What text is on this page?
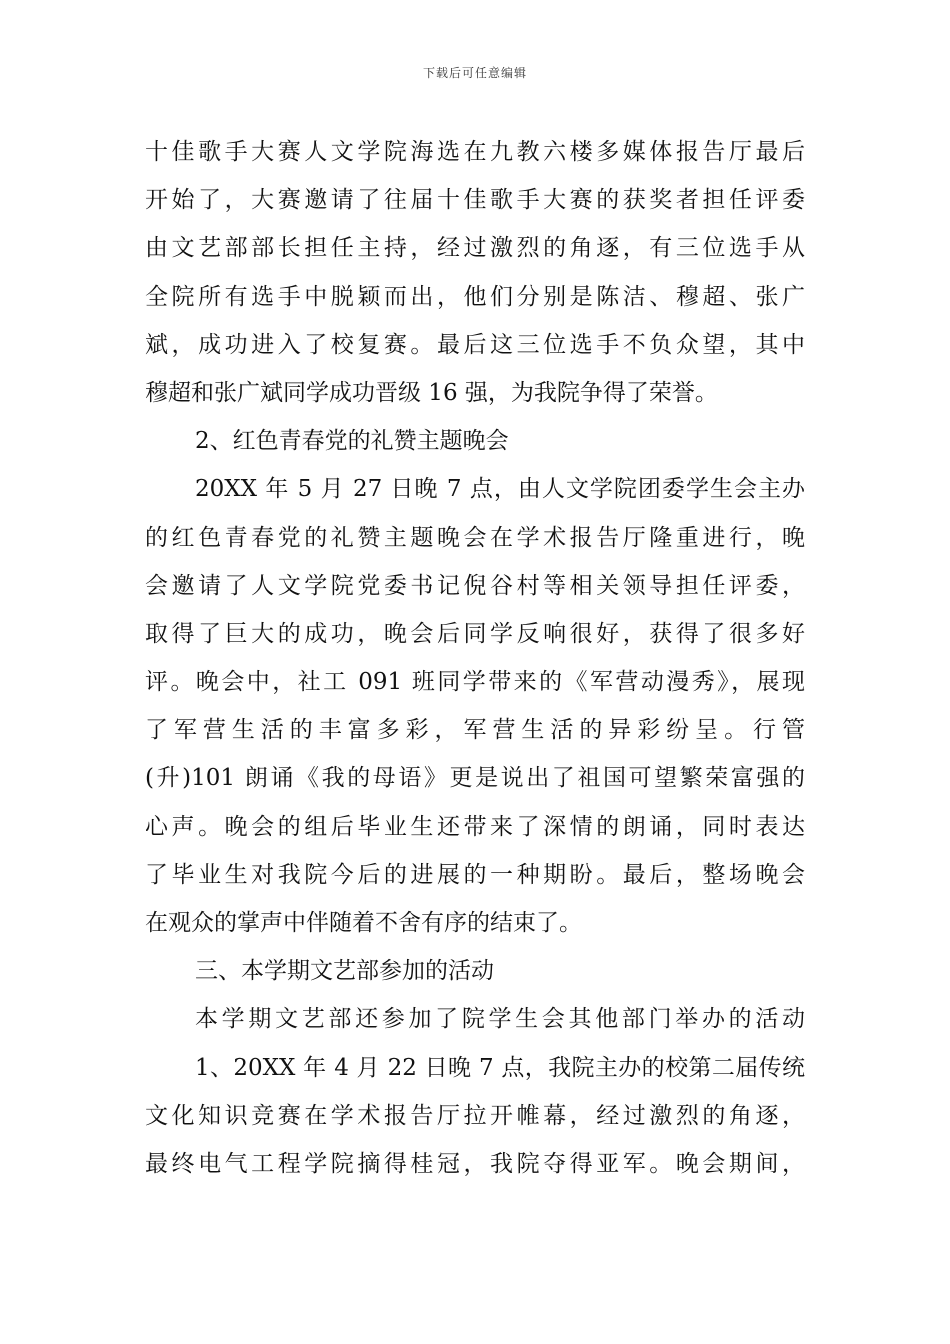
下载后可任意编辑
十佳歌手大赛人文学院海选在九教六楼多媒体报告厅最后
开始了，大赛邀请了往届十佳歌手大赛的获奖者担任评委
由文艺部部长担任主持，经过激烈的角逐，有三位选手从
全院所有选手中脱颖而出，他们分别是陈洁、穆超、张广
斌，成功进入了校复赛。最后这三位选手不负众望，其中
穆超和张广斌同学成功晋级 16 强，为我院争得了荣誉。
2、红色青春党的礼赞主题晚会
20XX 年 5 月 27 日晚 7 点，由人文学院团委学生会主办
的红色青春党的礼赞主题晚会在学术报告厅隆重进行，晚
会邀请了人文学院党委书记倪谷村等相关领导担任评委，
取得了巨大的成功，晚会后同学反响很好，获得了很多好
评。晚会中，社工 091 班同学带来的《军营动漫秀》，展现
了军营生活的丰富多彩，军营生活的异彩纷呈。行管
(升)101 朗诵《我的母语》更是说出了祖国可望繁荣富强的
心声。晚会的组后毕业生还带来了深情的朗诵，同时表达
了毕业生对我院今后的进展的一种期盼。最后，整场晚会
在观众的掌声中伴随着不舍有序的结束了。
三、本学期文艺部参加的活动
本学期文艺部还参加了院学生会其他部门举办的活动
1、20XX 年 4 月 22 日晚 7 点，我院主办的校第二届传统
文化知识竞赛在学术报告厅拉开帷幕，经过激烈的角逐，
最终电气工程学院摘得桂冠，我院夺得亚军。晚会期间，
